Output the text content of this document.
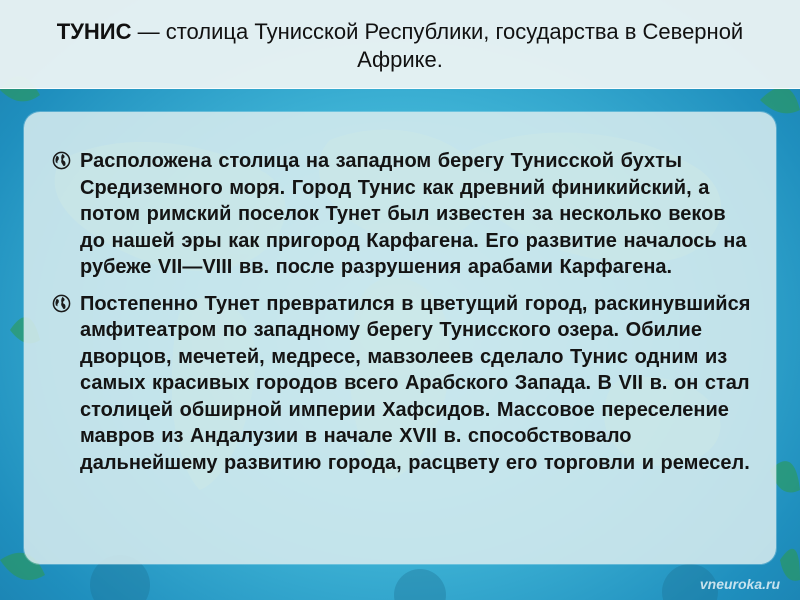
ТУНИС — столица Тунисской Республики, государства в Северной Африке.
Расположена столица на западном берегу Тунисской бухты Средиземного моря. Город Тунис как древний финикийский, а потом римский поселок Тунет был известен за несколько веков до нашей эры как пригород Карфагена. Его развитие началось на рубеже VII—VIII вв. после разрушения арабами Карфагена.
Постепенно Тунет превратился в цветущий город, раскинувшийся амфитеатром по западному берегу Тунисского озера. Обилие дворцов, мечетей, медресе, мавзолеев сделало Тунис одним из самых красивых городов всего Арабского Запада. В VII в. он стал столицей обширной империи Хафсидов. Массовое переселение мавров из Андалузии в начале XVII в. способствовало дальнейшему развитию города, расцвету его торговли и ремесел.
vneuroka.ru
